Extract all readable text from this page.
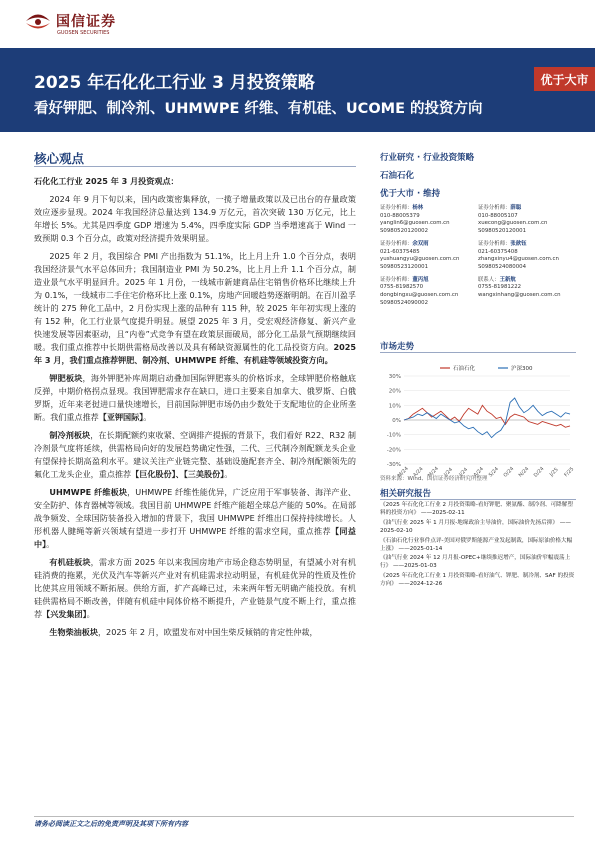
国信证券
GUOSEN SECURITIES
2025 年石化化工行业 3 月投资策略
看好钾肥、制冷剂、UHMWPE 纤维、有机硅、UCOME 的投资方向
优于大市
核心观点

石化化工行业 2025 年 3 月投资观点：

2024 年 9 月下旬以来，国内政策密集释放，一揽子增量政策以及已出台的存量政策效应逐步显现。2024 年我国经济总量达到 134.9 万亿元，首次突破 130 万亿元，比上年增长 5%。尤其是四季度 GDP 增速为 5.4%，四季度实际 GDP 当季增速高于 Wind 一致预期 0.3 个百分点，政策对经济提升效果明显。

2025 年 2 月，我国综合 PMI 产出指数为 51.1%，比上月上升 1.0 个百分点，表明我国经济景气水平总体回升；我国制造业 PMI 为 50.2%，比上月上升 1.1 个百分点，制造业景气水平明显回升。2025 年 1 月份，一线城市新建商品住宅销售价格环比继续上升为 0.1%，一线城市二手住宅价格环比上涨 0.1%，房地产回暖趋势逐渐明朗。在百川盈孚统计的 275 种化工品中，2 月份实现上涨的品种有 115 种，较 2025 年年初实现上涨的有 152 种，化工行业景气度提升明显。展望 2025 年 3 月，受宏观经济修复、新兴产业快速发展等因素驱动，且“内卷”式竞争有望在政策层面破局，部分化工品景气预期继续回暖。我们重点推荐中长期供需格局改善以及具有稀缺资源属性的化工品投资方向。2025 年 3 月，我们重点推荐钾肥、制冷剂、UHMWPE 纤维、有机硅等领域投资方向。

钾肥板块，海外钾肥补库周期启动叠加国际钾肥寡头的价格诉求，全球钾肥价格触底反弹，中期价格拐点显现。我国钾肥需求存在缺口，进口主要来自加拿大、俄罗斯、白俄罗斯，近年来老挝进口量快速增长，目前国际钾肥市场仍由少数处于支配地位的企业所垄断。我们重点推荐【亚钾国际】。

制冷剂板块，在长期配额约束收紧、空调排产提振的背景下，我们看好 R22、R32 制冷剂景气度将延续，供需格局向好的发展趋势确定性强，二代、三代制冷剂配额龙头企业有望保持长期高盈利水平。建议关注产业链完整、基础设施配套齐全、制冷剂配额领先的氟化工龙头企业，重点推荐【巨化股份】、【三美股份】。

UHMWPE 纤维板块，UHMWPE 纤维性能优异，广泛应用于军事装备、海洋产业、安全防护、体育器械等领域。我国目前 UHMWPE 纤维产能超全球总产能的 50%。在局部战争频发、全球国防装备投入增加的背景下，我国 UHMWPE 纤维出口保持持续增长。人形机器人腱绳等新兴领域有望进一步打开 UHMWPE 纤维的需求空间，重点推荐【同益中】。

有机硅板块，需求方面 2025 年以来我国房地产市场企稳态势明显，有望减小对有机硅消费的拖累，光伏及汽车等新兴产业对有机硅需求拉动明显，有机硅优异的性质及性价比使其应用领域不断拓展。供给方面，扩产高峰已过，未来两年暂无明确产能投放。有机硅供需格局不断改善，伴随有机硅中间体价格不断提升，产业链景气度不断上行，重点推荐【兴发集团】。

生物柴油板块，2025 年 2 月，欧盟发布对中国生柴反倾销的肯定性仲裁，

行业研究 · 行业投资策略
石油石化
优于大市 · 维持
证券分析师：杨林
010-88005379
yanglin6@guosen.com.cn
S0980520120002
证券分析师：薛聪
010-88005107
xuecong@guosen.com.cn
S0980520120001
证券分析师：余双雨
021-60375485
yushuangyu@guosen.com.cn
S0980523120001
证券分析师：张歆钰
021-60375408
zhangxinyu4@guosen.com.cn
S0980524080004
证券分析师：董丙旭
0755-81982570
dongbingxu@guosen.com.cn
S0980524090002
联系人：王新航
0755-81981222
wangxinhang@guosen.com.cn
市场走势
30%
20%
10%
0%
-10%
-20%
-30%
M/24 A/24 M/24 J/24 J/24 A/24 S/24 O/24 N/24 D/24 J/25 F/25
石油石化	沪深300
资料来源：Wind、国信证券经济研究所整理
相关研究报告
《2025 年石化化工行业 2 月投资策略-看好钾肥、聚氨酯、制冷剂、可降解塑料的投资方向》 ——2025-02-11
《油气行业 2025 年 1 月月报-地缘政治主导油价，国际油价先扬后抑》 ——2025-02-10
《石油石化行业事件点评-美国对俄罗斯能源产业发起制裁，国际原油价格大幅上涨》 ——2025-01-14
《油气行业 2024 年 12 月月报-OPEC+继续推迟增产，国际油价窄幅震荡上行》 ——2025-01-03
《2025 年石化化工行业 1 月投资策略-看好油气、钾肥、制冷剂、SAF 的投资方向》 ——2024-12-26
请务必阅读正文之后的免责声明及其项下所有内容
